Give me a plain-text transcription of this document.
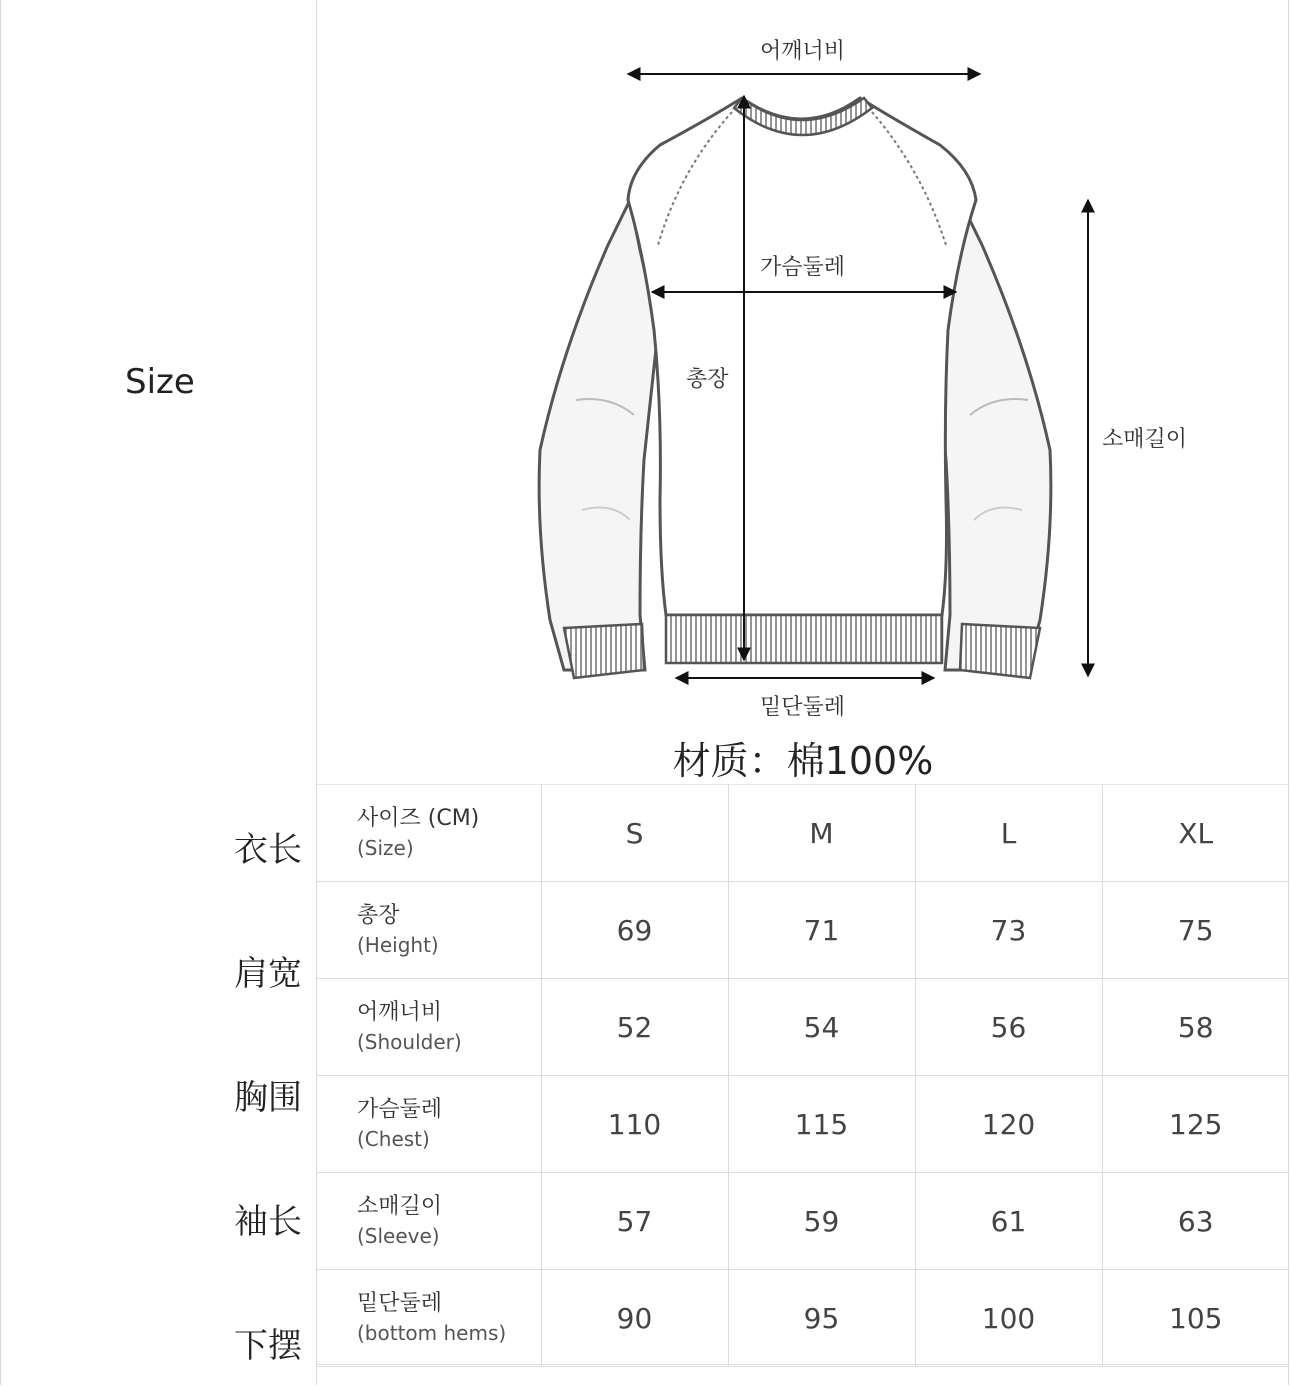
Size
衣长
肩宽
胸围
袖长
下摆
어깨너비
가슴둘레
총장
소매길이
밑단둘레
材质：棉100%
사이즈 (CM)
(Size)	S	M	L	XL

총장
(Height)	69	71	73	75

어깨너비
(Shoulder)	52	54	56	58

가슴둘레
(Chest)	110	115	120	125

소매길이
(Sleeve)	57	59	61	63

밑단둘레
(bottom hems)	90	95	100	105
